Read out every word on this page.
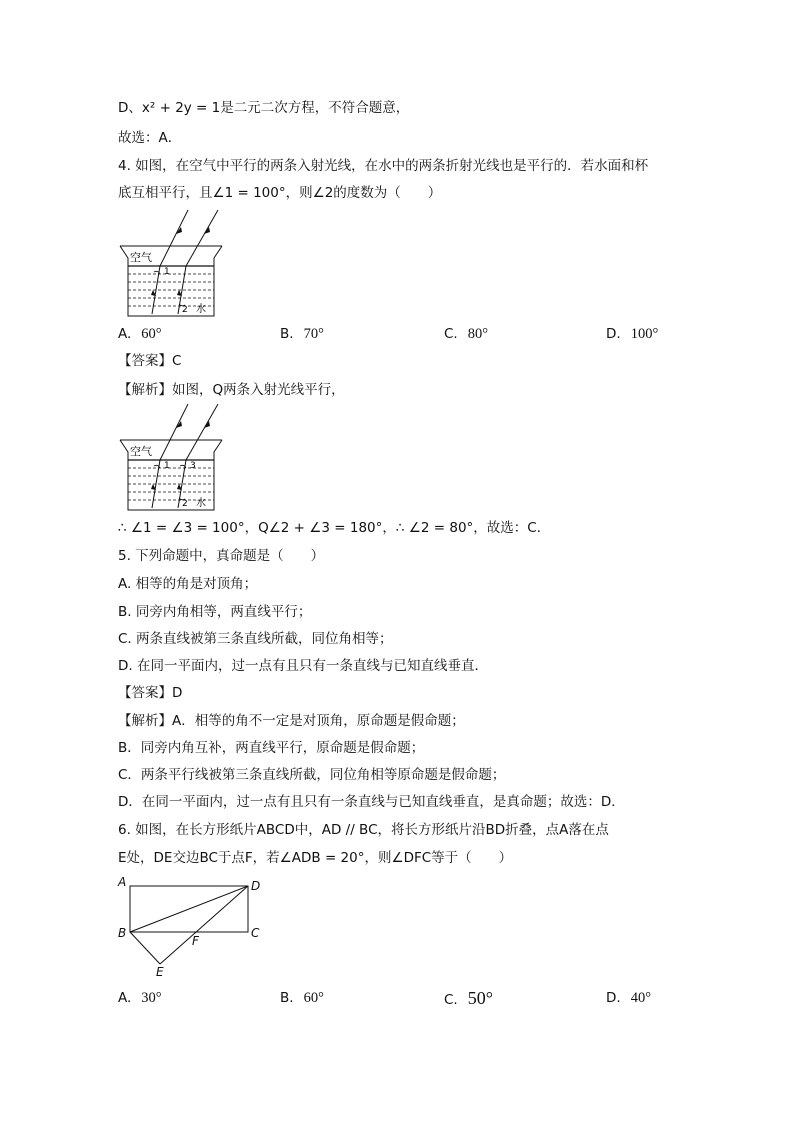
D、x² + 2y = 1是二元二次方程，不符合题意，
故选：A．
4. 如图，在空气中平行的两条入射光线，在水中的两条折射光线也是平行的．若水面和杯
底互相平行，且∠1 = 100°，则∠2的度数为（　　）
空气
1
2 水
A. 60°	B. 70°	C. 80°	D. 100°
【答案】C
【解析】如图，Q两条入射光线平行，
空气
1 3
2 水
∴ ∠1 = ∠3 = 100°，Q∠2 + ∠3 = 180°，∴ ∠2 = 80°，故选：C．
5. 下列命题中，真命题是（　　）
A. 相等的角是对顶角；
B. 同旁内角相等，两直线平行；
C. 两条直线被第三条直线所截，同位角相等；
D. 在同一平面内，过一点有且只有一条直线与已知直线垂直．
【答案】D
【解析】A．相等的角不一定是对顶角，原命题是假命题；
B．同旁内角互补，两直线平行，原命题是假命题；
C．两条平行线被第三条直线所截，同位角相等原命题是假命题；
D．在同一平面内，过一点有且只有一条直线与已知直线垂直，是真命题；故选：D．
6. 如图，在长方形纸片ABCD中，AD // BC，将长方形纸片沿BD折叠，点A落在点
E处，DE交边BC于点F，若∠ADB = 20°，则∠DFC等于（　　）
A	D
B	C
F
E
A. 30°	B. 60°	C. 50°	D. 40°
